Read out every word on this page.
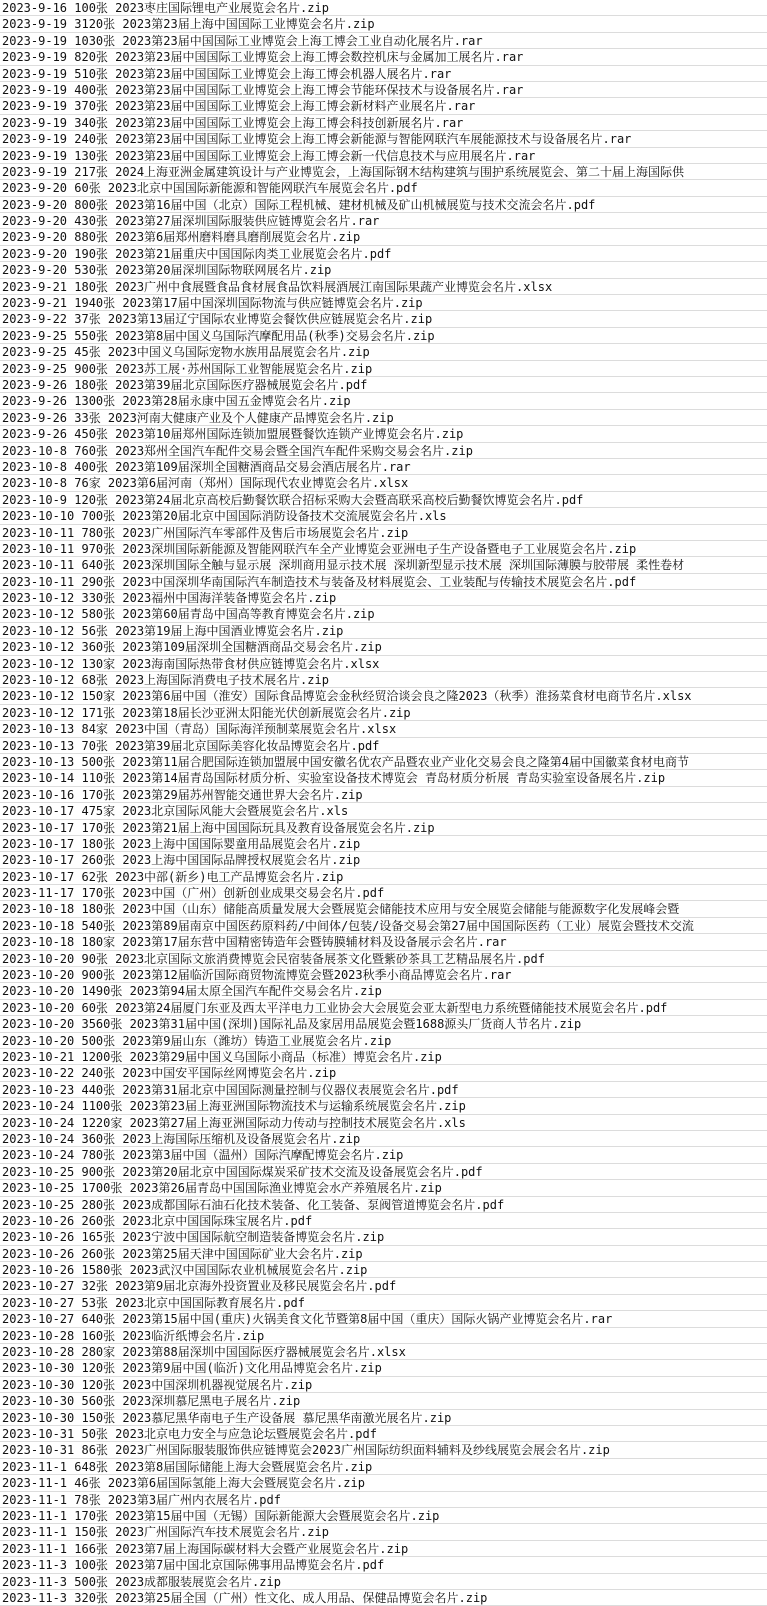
2023-9-16 100张 2023枣庄国际锂电产业展览会名片.zip
2023-9-19 3120张 2023第23届上海中国国际工业博览会名片.zip
2023-9-19 1030张 2023第23届中国国际工业博览会上海工博会工业自动化展名片.rar
2023-9-19 820张 2023第23届中国国际工业博览会上海工博会数控机床与金属加工展名片.rar
2023-9-19 510张 2023第23届中国国际工业博览会上海工博会机器人展名片.rar
2023-9-19 400张 2023第23届中国国际工业博览会上海工博会节能环保技术与设备展名片.rar
2023-9-19 370张 2023第23届中国国际工业博览会上海工博会新材料产业展名片.rar
2023-9-19 340张 2023第23届中国国际工业博览会上海工博会科技创新展名片.rar
2023-9-19 240张 2023第23届中国国际工业博览会上海工博会新能源与智能网联汽车展能源技术与设备展名片.rar
2023-9-19 130张 2023第23届中国国际工业博览会上海工博会新一代信息技术与应用展名片.rar
2023-9-19 217张 2024上海亚洲金属建筑设计与产业博览会，上海国际钢木结构建筑与围护系统展览会、第二十届上海国际供
2023-9-20 60张 2023北京中国国际新能源和智能网联汽车展览会名片.pdf
2023-9-20 800张 2023第16届中国（北京）国际工程机械、建材机械及矿山机械展览与技术交流会名片.pdf
2023-9-20 430张 2023第27届深圳国际服装供应链博览会名片.rar
2023-9-20 880张 2023第6届郑州磨料磨具磨削展览会名片.zip
2023-9-20 190张 2023第21届重庆中国国际肉类工业展览会名片.pdf
2023-9-20 530张 2023第20届深圳国际物联网展名片.zip
2023-9-21 180张 2023广州中食展暨食品食材展食品饮料展酒展江南国际果蔬产业博览会名片.xlsx
2023-9-21 1940张 2023第17届中国深圳国际物流与供应链博览会名片.zip
2023-9-22 37张 2023第13届辽宁国际农业博览会餐饮供应链展览会名片.zip
2023-9-25 550张 2023第8届中国义乌国际汽摩配用品(秋季)交易会名片.zip
2023-9-25 45张 2023中国义乌国际宠物水族用品展览会名片.zip
2023-9-25 900张 2023苏工展·苏州国际工业智能展览会名片.zip
2023-9-26 180张 2023第39届北京国际医疗器械展览会名片.pdf
2023-9-26 1300张 2023第28届永康中国五金博览会名片.zip
2023-9-26 33张 2023河南大健康产业及个人健康产品博览会名片.zip
2023-9-26 450张 2023第10届郑州国际连锁加盟展暨餐饮连锁产业博览会名片.zip
2023-10-8 760张 2023郑州全国汽车配件交易会暨全国汽车配件采购交易会名片.zip
2023-10-8 400张 2023第109届深圳全国糖酒商品交易会酒店展名片.rar
2023-10-8 76家 2023第6届河南（郑州）国际现代农业博览会名片.xlsx
2023-10-9 120张 2023第24届北京高校后勤餐饮联合招标采购大会暨高联采高校后勤餐饮博览会名片.pdf
2023-10-10 700张 2023第20届北京中国国际消防设备技术交流展览会名片.xls
2023-10-11 780张 2023广州国际汽车零部件及售后市场展览会名片.zip
2023-10-11 970张 2023深圳国际新能源及智能网联汽车全产业博览会亚洲电子生产设备暨电子工业展览会名片.zip
2023-10-11 640张 2023深圳国际全触与显示展 深圳商用显示技术展 深圳新型显示技术展 深圳国际薄膜与胶带展 柔性卷材
2023-10-11 290张 2023中国深圳华南国际汽车制造技术与装备及材料展览会、工业装配与传输技术展览会名片.pdf
2023-10-12 330张 2023福州中国海洋装备博览会名片.zip
2023-10-12 580张 2023第60届青岛中国高等教育博览会名片.zip
2023-10-12 56张 2023第19届上海中国酒业博览会名片.zip
2023-10-12 360张 2023第109届深圳全国糖酒商品交易会名片.zip
2023-10-12 130家 2023海南国际热带食材供应链博览会名片.xlsx
2023-10-12 68张 2023上海国际消费电子技术展名片.zip
2023-10-12 150家 2023第6届中国（淮安）国际食品博览会金秋经贸洽谈会良之隆2023（秋季）淮扬菜食材电商节名片.xlsx
2023-10-12 171张 2023第18届长沙亚洲太阳能光伏创新展览会名片.zip
2023-10-13 84家 2023中国（青岛）国际海洋预制菜展览会名片.xlsx
2023-10-13 70张 2023第39届北京国际美容化妆品博览会名片.pdf
2023-10-13 500张 2023第11届合肥国际连锁加盟展中国安徽名优农产品暨农业产业化交易会良之隆第4届中国徽菜食材电商节
2023-10-14 110张 2023第14届青岛国际材质分析、实验室设备技术博览会 青岛材质分析展 青岛实验室设备展名片.zip
2023-10-16 170张 2023第29届苏州智能交通世界大会名片.zip
2023-10-17 475家 2023北京国际风能大会暨展览会名片.xls
2023-10-17 170张 2023第21届上海中国国际玩具及教育设备展览会名片.zip
2023-10-17 180张 2023上海中国国际婴童用品展览会名片.zip
2023-10-17 260张 2023上海中国国际品牌授权展览会名片.zip
2023-10-17 62张 2023中部(新乡)电工产品博览会名片.zip
2023-11-17 170张 2023中国（广州）创新创业成果交易会名片.pdf
2023-10-18 180张 2023中国（山东）储能高质量发展大会暨展览会储能技术应用与安全展览会储能与能源数字化发展峰会暨
2023-10-18 540张 2023第89届南京中国医药原料药/中间体/包装/设备交易会第27届中国国际医药（工业）展览会暨技术交流
2023-10-18 180家 2023第17届东营中国精密铸造年会暨铸膜辅材料及设备展示会名片.rar
2023-10-20 90张 2023北京国际文旅消费博览会民宿装备展茶文化暨紫砂茶具工艺精品展名片.pdf
2023-10-20 900张 2023第12届临沂国际商贸物流博览会暨2023秋季小商品博览会名片.rar
2023-10-20 1490张 2023第94届太原全国汽车配件交易会名片.zip
2023-10-20 60张 2023第24届厦门东亚及西太平洋电力工业协会大会展览会亚太新型电力系统暨储能技术展览会名片.pdf
2023-10-20 3560张 2023第31届中国(深圳)国际礼品及家居用品展览会暨1688源头厂货商人节名片.zip
2023-10-20 500张 2023第9届山东（潍坊）铸造工业展览会名片.zip
2023-10-21 1200张 2023第29届中国义乌国际小商品（标准）博览会名片.zip
2023-10-22 240张 2023中国安平国际丝网博览会名片.zip
2023-10-23 440张 2023第31届北京中国国际测量控制与仪器仪表展览会名片.pdf
2023-10-24 1100张 2023第23届上海亚洲国际物流技术与运输系统展览会名片.zip
2023-10-24 1220家 2023第27届上海亚洲国际动力传动与控制技术展览会名片.xls
2023-10-24 360张 2023上海国际压缩机及设备展览会名片.zip
2023-10-24 780张 2023第3届中国（温州）国际汽摩配博览会名片.zip
2023-10-25 900张 2023第20届北京中国国际煤炭采矿技术交流及设备展览会名片.pdf
2023-10-25 1700张 2023第26届青岛中国国际渔业博览会水产养殖展名片.zip
2023-10-25 280张 2023成都国际石油石化技术装备、化工装备、泵阀管道博览会名片.pdf
2023-10-26 260张 2023北京中国国际珠宝展名片.pdf
2023-10-26 165张 2023宁波中国国际航空制造装备博览会名片.zip
2023-10-26 260张 2023第25届天津中国国际矿业大会名片.zip
2023-10-26 1580张 2023武汉中国国际农业机械展览会名片.zip
2023-10-27 32张 2023第9届北京海外投资置业及移民展览会名片.pdf
2023-10-27 53张 2023北京中国国际教育展名片.pdf
2023-10-27 640张 2023第15届中国(重庆)火锅美食文化节暨第8届中国（重庆）国际火锅产业博览会名片.rar
2023-10-28 160张 2023临沂纸博会名片.zip
2023-10-28 280家 2023第88届深圳中国国际医疗器械展览会名片.xlsx
2023-10-30 120张 2023第9届中国(临沂)文化用品博览会名片.zip
2023-10-30 120张 2023中国深圳机器视觉展名片.zip
2023-10-30 560张 2023深圳慕尼黑电子展名片.zip
2023-10-30 150张 2023慕尼黑华南电子生产设备展 慕尼黑华南激光展名片.zip
2023-10-31 50张 2023北京电力安全与应急论坛暨展览会名片.pdf
2023-10-31 86张 2023广州国际服装服饰供应链博览会2023广州国际纺织面料辅料及纱线展览会展会名片.zip
2023-11-1 648张 2023第8届国际储能上海大会暨展览会名片.zip
2023-11-1 46张 2023第6届国际氢能上海大会暨展览会名片.zip
2023-11-1 78张 2023第3届广州内衣展名片.pdf
2023-11-1 170张 2023第15届中国（无锡）国际新能源大会暨展览会名片.zip
2023-11-1 150张 2023广州国际汽车技术展览会名片.zip
2023-11-1 166张 2023第7届上海国际碳材料大会暨产业展览会名片.zip
2023-11-3 100张 2023第7届中国北京国际佛事用品博览会名片.pdf
2023-11-3 500张 2023成都服装展览会名片.zip
2023-11-3 320张 2023第25届全国（广州）性文化、成人用品、保健品博览会名片.zip
